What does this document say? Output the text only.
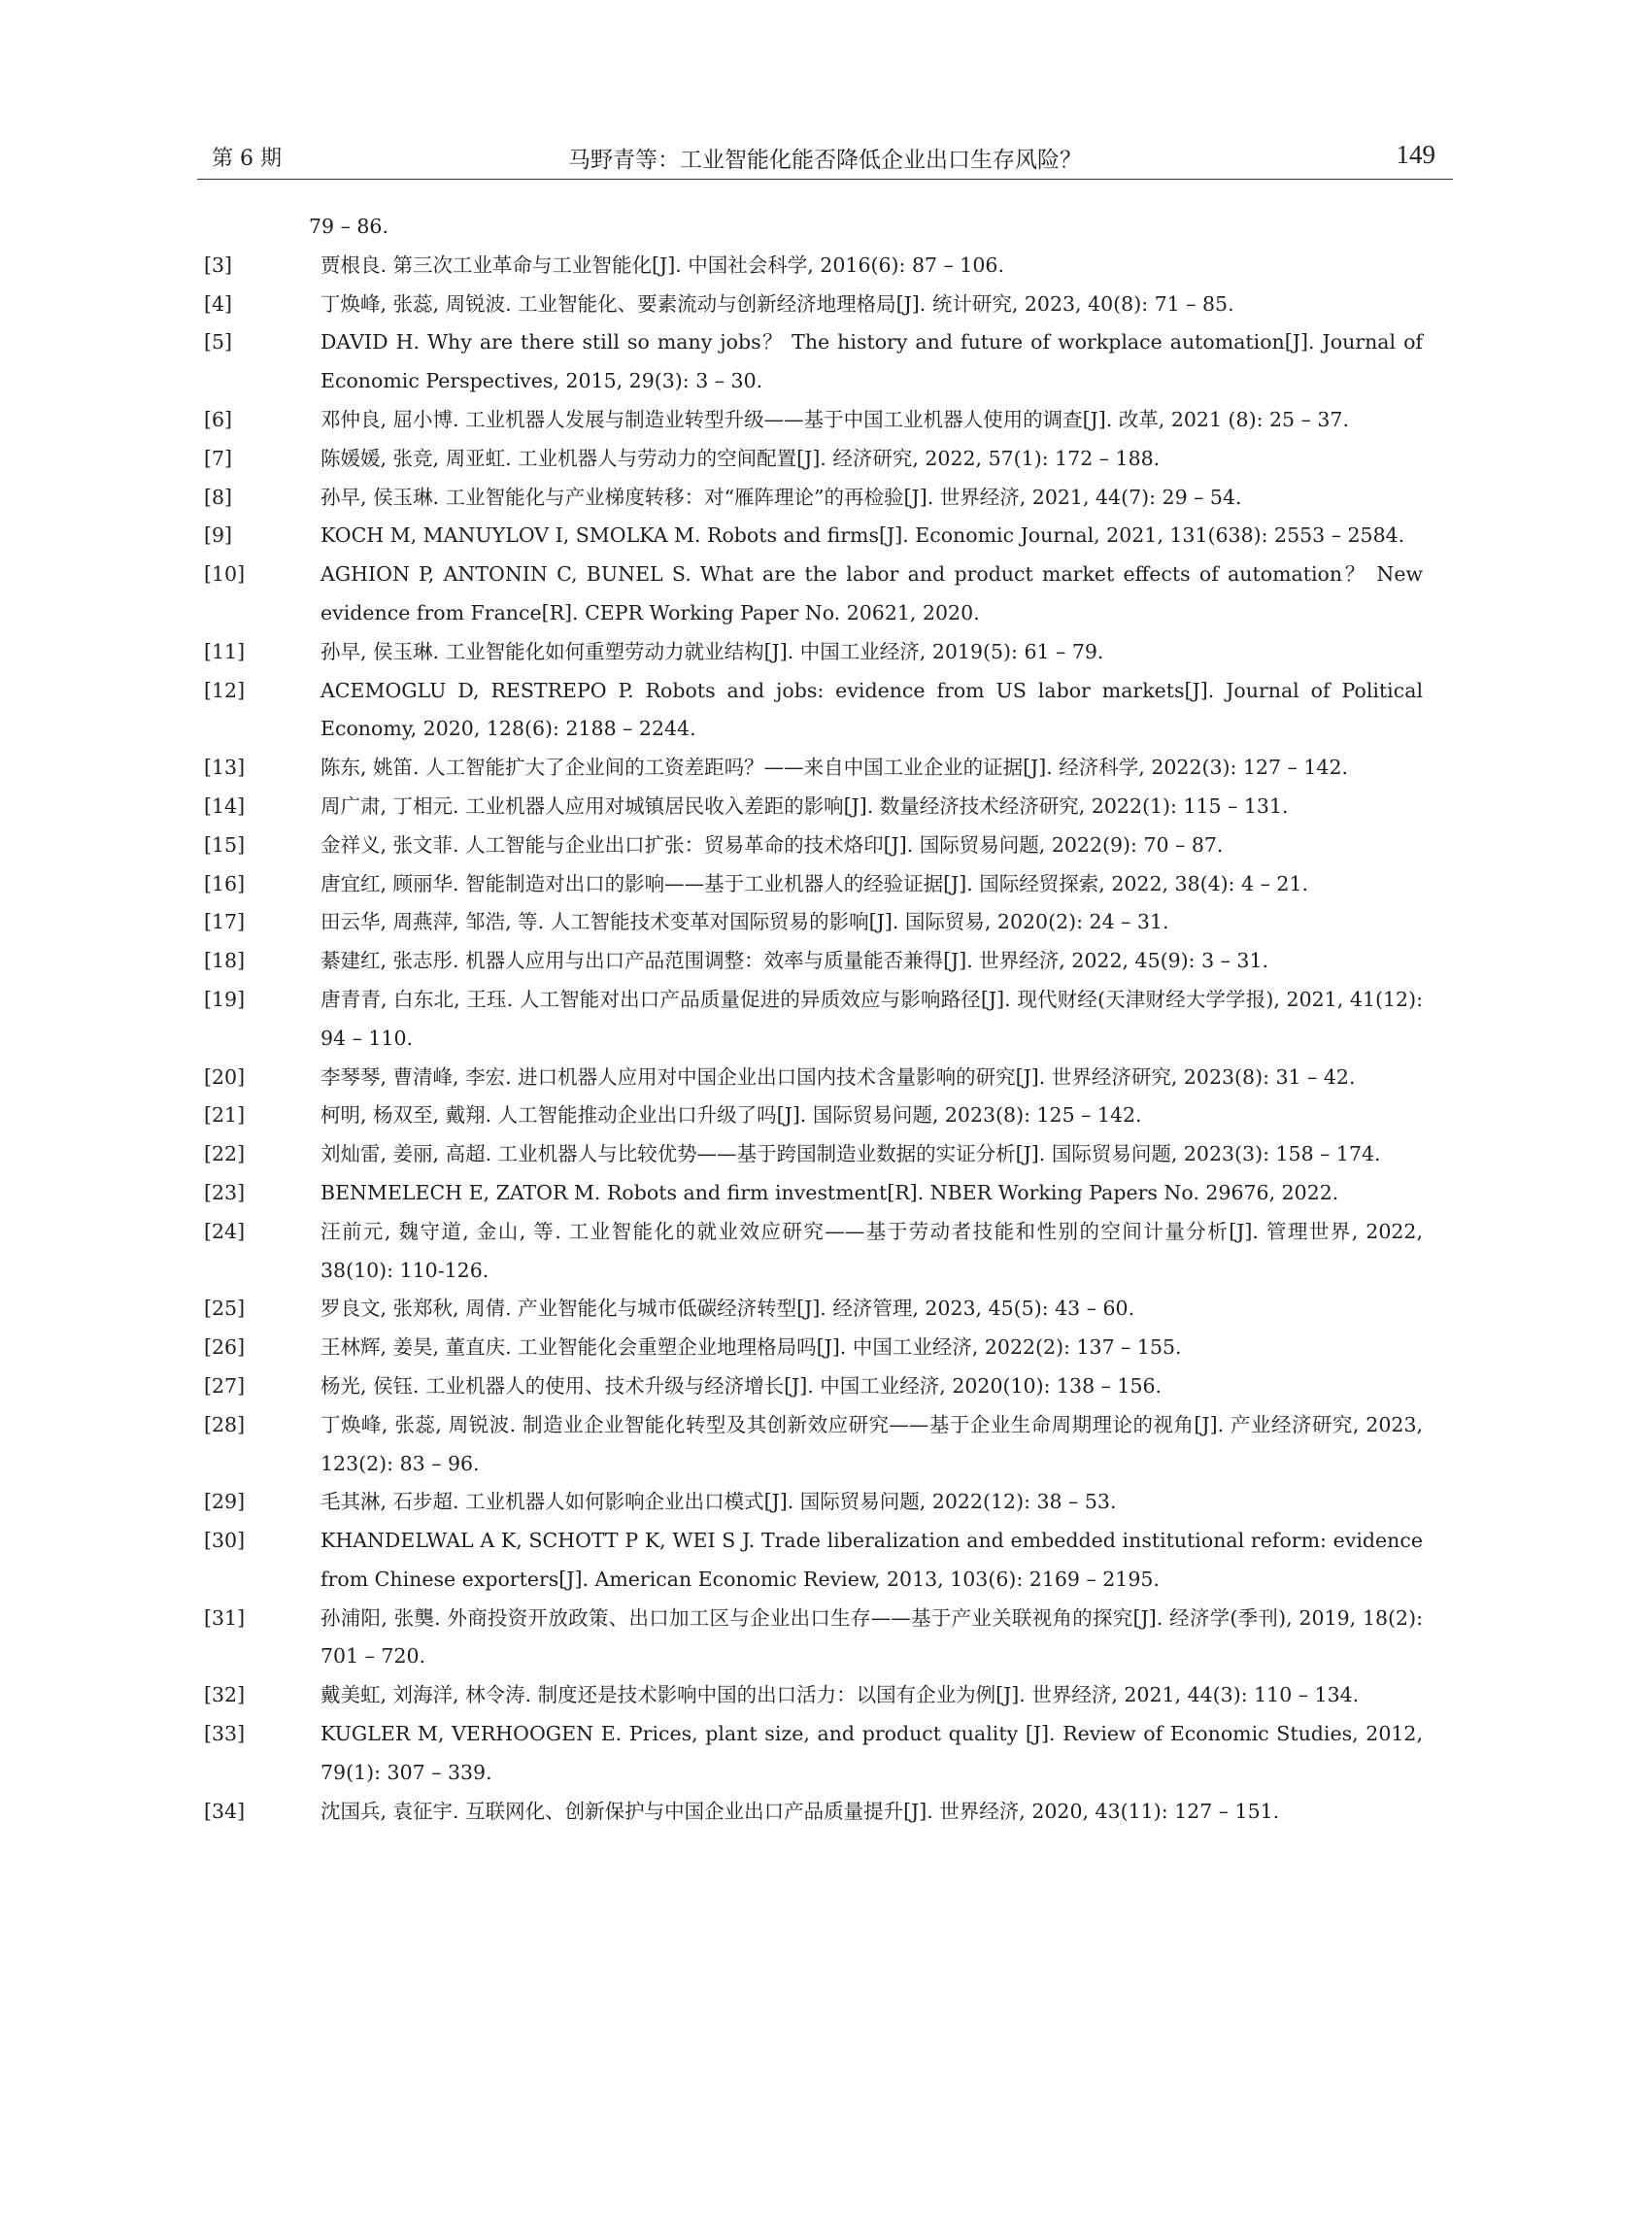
第 6 期	马野青等：工业智能化能否降低企业出口生存风险？	149
79 – 86.
[3]	贾根良. 第三次工业革命与工业智能化[J]. 中国社会科学, 2016(6): 87 – 106.
[4]	丁焕峰, 张蕊, 周锐波. 工业智能化、要素流动与创新经济地理格局[J]. 统计研究, 2023, 40(8): 71 – 85.
[5]	DAVID H. Why are there still so many jobs？ The history and future of workplace automation[J]. Journal of Economic Perspectives, 2015, 29(3): 3 – 30.
[6]	邓仲良, 屈小博. 工业机器人发展与制造业转型升级——基于中国工业机器人使用的调查[J]. 改革, 2021 (8): 25 – 37.
[7]	陈媛媛, 张竞, 周亚虹. 工业机器人与劳动力的空间配置[J]. 经济研究, 2022, 57(1): 172 – 188.
[8]	孙早, 侯玉琳. 工业智能化与产业梯度转移：对“雁阵理论”的再检验[J]. 世界经济, 2021, 44(7): 29 – 54.
[9]	KOCH M, MANUYLOV I, SMOLKA M. Robots and firms[J]. Economic Journal, 2021, 131(638): 2553 – 2584.
[10]	AGHION P, ANTONIN C, BUNEL S. What are the labor and product market effects of automation？ New evidence from France[R]. CEPR Working Paper No. 20621, 2020.
[11]	孙早, 侯玉琳. 工业智能化如何重塑劳动力就业结构[J]. 中国工业经济, 2019(5): 61 – 79.
[12]	ACEMOGLU D, RESTREPO P. Robots and jobs: evidence from US labor markets[J]. Journal of Political Economy, 2020, 128(6): 2188 – 2244.
[13]	陈东, 姚笛. 人工智能扩大了企业间的工资差距吗？——来自中国工业企业的证据[J]. 经济科学, 2022(3): 127 – 142.
[14]	周广肃, 丁相元. 工业机器人应用对城镇居民收入差距的影响[J]. 数量经济技术经济研究, 2022(1): 115 – 131.
[15]	金祥义, 张文菲. 人工智能与企业出口扩张：贸易革命的技术烙印[J]. 国际贸易问题, 2022(9): 70 – 87.
[16]	唐宜红, 顾丽华. 智能制造对出口的影响——基于工业机器人的经验证据[J]. 国际经贸探索, 2022, 38(4): 4 – 21.
[17]	田云华, 周燕萍, 邹浩, 等. 人工智能技术变革对国际贸易的影响[J]. 国际贸易, 2020(2): 24 – 31.
[18]	綦建红, 张志彤. 机器人应用与出口产品范围调整：效率与质量能否兼得[J]. 世界经济, 2022, 45(9): 3 – 31.
[19]	唐青青, 白东北, 王珏. 人工智能对出口产品质量促进的异质效应与影响路径[J]. 现代财经(天津财经大学学报), 2021, 41(12): 94 – 110.
[20]	李琴琴, 曹清峰, 李宏. 进口机器人应用对中国企业出口国内技术含量影响的研究[J]. 世界经济研究, 2023(8): 31 – 42.
[21]	柯明, 杨双至, 戴翔. 人工智能推动企业出口升级了吗[J]. 国际贸易问题, 2023(8): 125 – 142.
[22]	刘灿雷, 姜丽, 高超. 工业机器人与比较优势——基于跨国制造业数据的实证分析[J]. 国际贸易问题, 2023(3): 158 – 174.
[23]	BENMELECH E, ZATOR M. Robots and firm investment[R]. NBER Working Papers No. 29676, 2022.
[24]	汪前元, 魏守道, 金山, 等. 工业智能化的就业效应研究——基于劳动者技能和性别的空间计量分析[J]. 管理世界, 2022, 38(10): 110-126.
[25]	罗良文, 张郑秋, 周倩. 产业智能化与城市低碳经济转型[J]. 经济管理, 2023, 45(5): 43 – 60.
[26]	王林辉, 姜昊, 董直庆. 工业智能化会重塑企业地理格局吗[J]. 中国工业经济, 2022(2): 137 – 155.
[27]	杨光, 侯钰. 工业机器人的使用、技术升级与经济增长[J]. 中国工业经济, 2020(10): 138 – 156.
[28]	丁焕峰, 张蕊, 周锐波. 制造业企业智能化转型及其创新效应研究——基于企业生命周期理论的视角[J]. 产业经济研究, 2023, 123(2): 83 – 96.
[29]	毛其淋, 石步超. 工业机器人如何影响企业出口模式[J]. 国际贸易问题, 2022(12): 38 – 53.
[30]	KHANDELWAL A K, SCHOTT P K, WEI S J. Trade liberalization and embedded institutional reform: evidence from Chinese exporters[J]. American Economic Review, 2013, 103(6): 2169 – 2195.
[31]	孙浦阳, 张龑. 外商投资开放政策、出口加工区与企业出口生存——基于产业关联视角的探究[J]. 经济学(季刊), 2019, 18(2): 701 – 720.
[32]	戴美虹, 刘海洋, 林令涛. 制度还是技术影响中国的出口活力：以国有企业为例[J]. 世界经济, 2021, 44(3): 110 – 134.
[33]	KUGLER M, VERHOOGEN E. Prices, plant size, and product quality [J]. Review of Economic Studies, 2012, 79(1): 307 – 339.
[34]	沈国兵, 袁征宇. 互联网化、创新保护与中国企业出口产品质量提升[J]. 世界经济, 2020, 43(11): 127 – 151.
